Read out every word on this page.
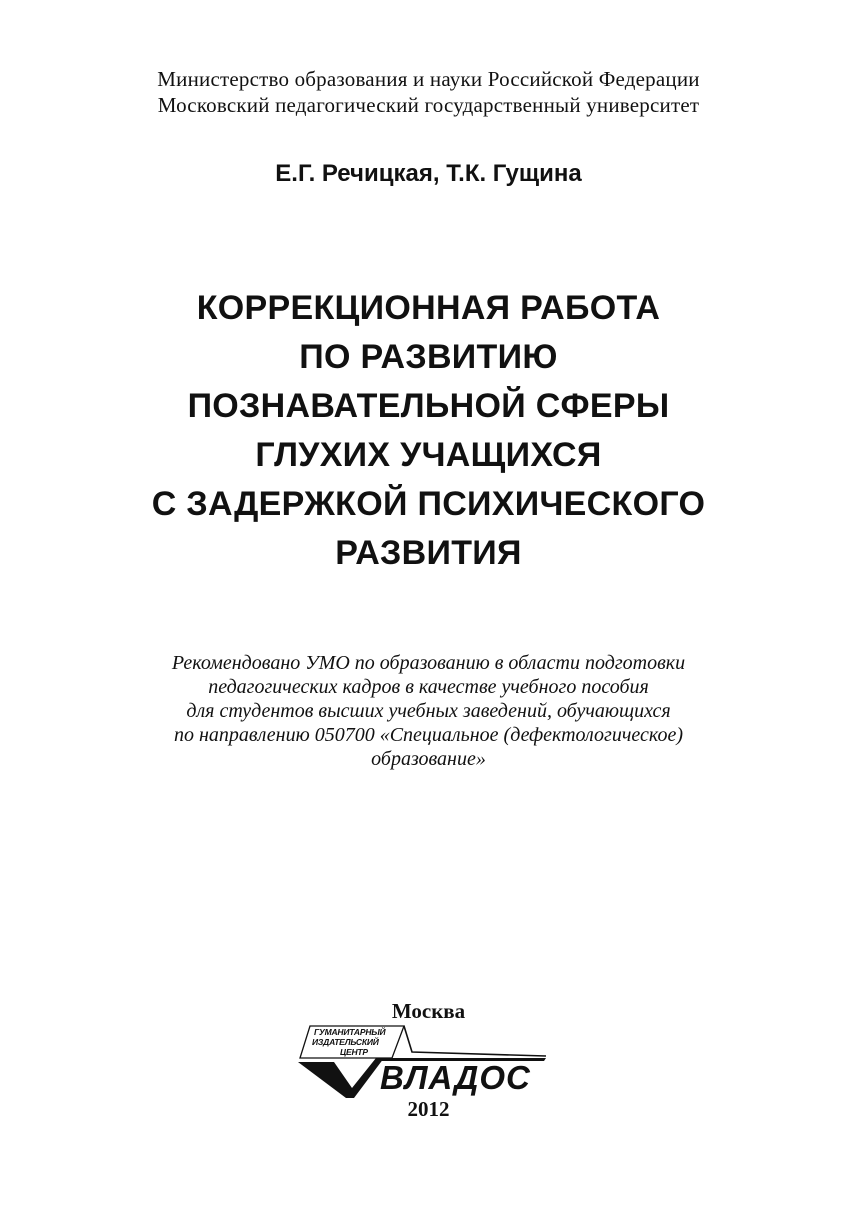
Министерство образования и науки Российской Федерации
Московский педагогический государственный университет
Е.Г. Речицкая, Т.К. Гущина
КОРРЕКЦИОННАЯ РАБОТА
ПО РАЗВИТИЮ
ПОЗНАВАТЕЛЬНОЙ СФЕРЫ
ГЛУХИХ УЧАЩИХСЯ
С ЗАДЕРЖКОЙ ПСИХИЧЕСКОГО
РАЗВИТИЯ
Рекомендовано УМО по образованию в области подготовки
педагогических кадров в качестве учебного пособия
для студентов высших учебных заведений, обучающихся
по направлению 050700 «Специальное (дефектологическое)
образование»
Москва
ГУМАНИТАРНЫЙ
ИЗДАТЕЛЬСКИЙ
ЦЕНТР
ВЛАДОС
2012
